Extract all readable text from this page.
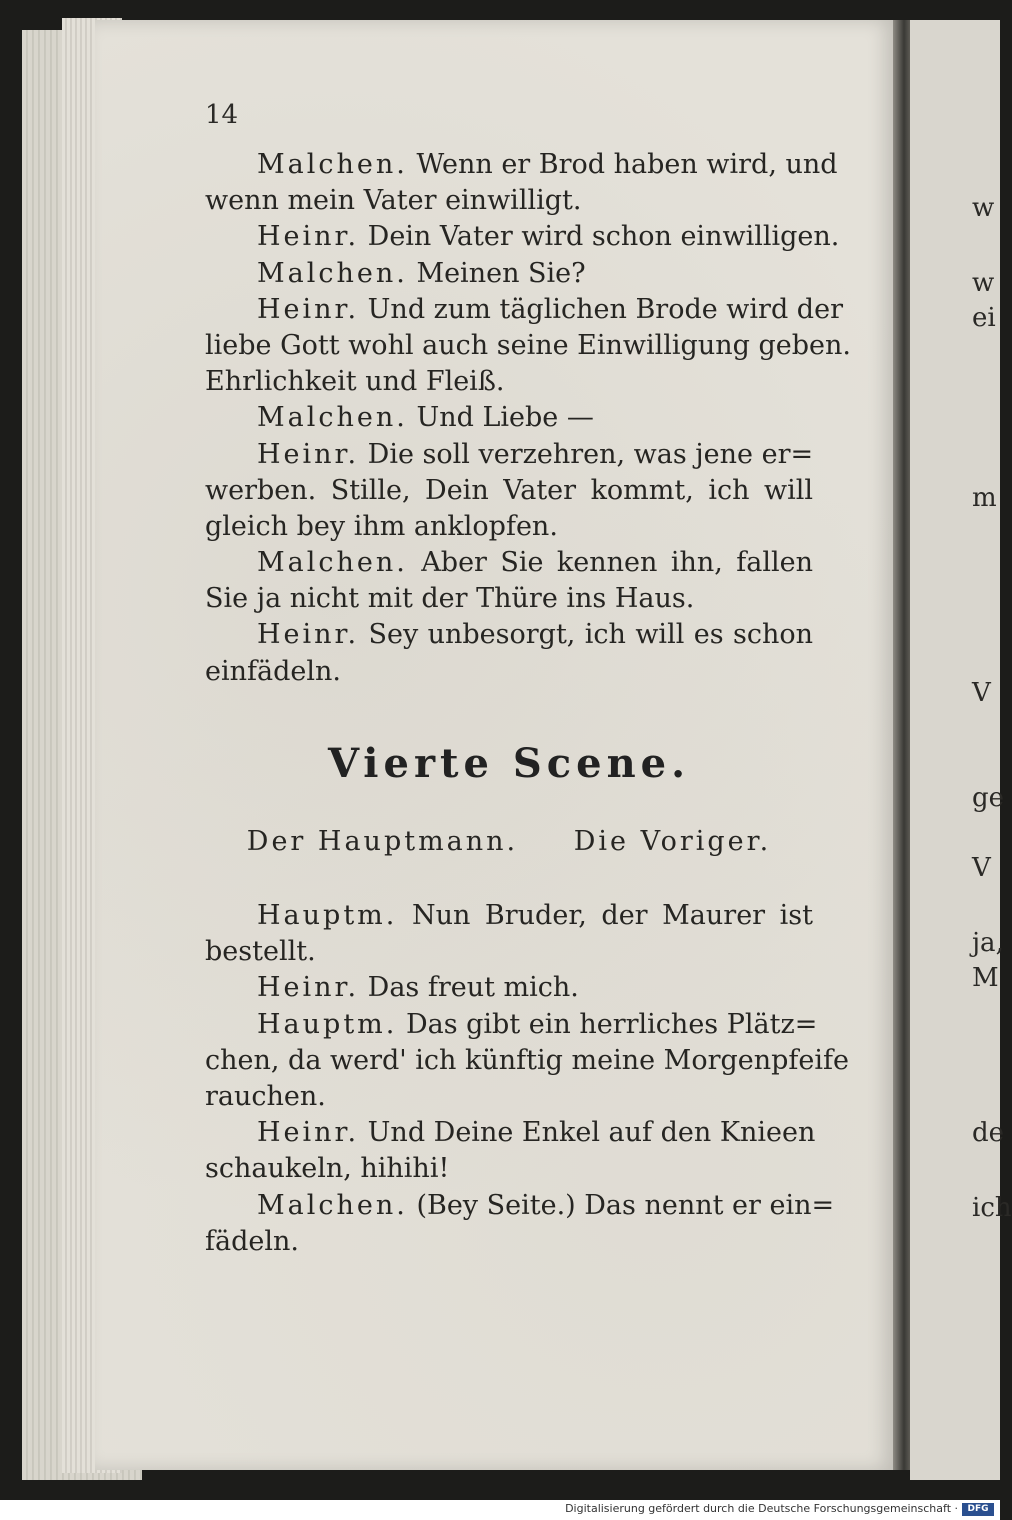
w
w
ei
m
V
ge
V
ja,
M
de
ich
14
Malchen. Wenn er Brod haben wird, und
wenn mein Vater einwilligt.
Heinr. Dein Vater wird schon einwilligen.
Malchen. Meinen Sie?
Heinr. Und zum täglichen Brode wird der
liebe Gott wohl auch seine Einwilligung geben.
Ehrlichkeit und Fleiß.
Malchen. Und Liebe —
Heinr. Die soll verzehren, was jene er=
werben. Stille, Dein Vater kommt, ich will
gleich bey ihm anklopfen.
Malchen. Aber Sie kennen ihn, fallen
Sie ja nicht mit der Thüre ins Haus.
Heinr. Sey unbesorgt, ich will es schon
einfädeln.
Vierte Scene.
Der Hauptmann. Die Voriger.
Hauptm. Nun Bruder, der Maurer ist
bestellt.
Heinr. Das freut mich.
Hauptm. Das gibt ein herrliches Plätz=
chen, da werd' ich künftig meine Morgenpfeife
rauchen.
Heinr. Und Deine Enkel auf den Knieen
schaukeln, hihihi!
Malchen. (Bey Seite.) Das nennt er ein=
fädeln.
Digitalisierung gefördert durch die Deutsche Forschungsgemeinschaft ·	DFG
